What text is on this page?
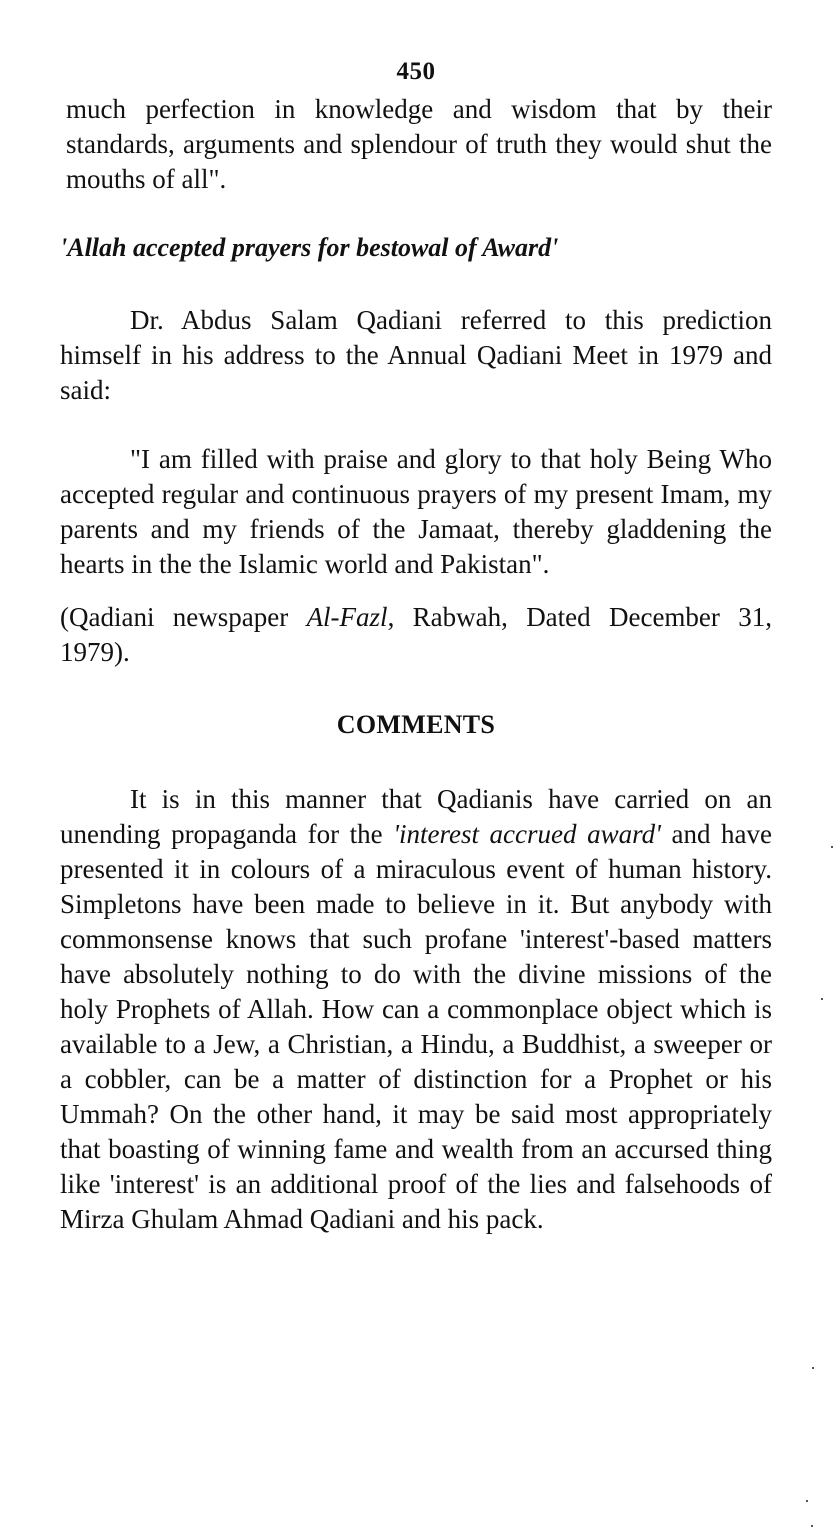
450

much perfection in knowledge and wisdom that by their standards, arguments and splendour of truth they would shut the mouths of all".

'Allah accepted prayers for bestowal of Award'

Dr. Abdus Salam Qadiani referred to this prediction himself in his address to the Annual Qadiani Meet in 1979 and said:

"I am filled with praise and glory to that holy Being Who accepted regular and continuous prayers of my present Imam, my parents and my friends of the Jamaat, thereby gladdening the hearts in the the Islamic world and Pakistan".

(Qadiani newspaper Al-Fazl, Rabwah, Dated December 31, 1979).

COMMENTS

It is in this manner that Qadianis have carried on an unending propaganda for the 'interest accrued award' and have presented it in colours of a miraculous event of human history. Simpletons have been made to believe in it. But anybody with commonsense knows that such profane 'interest'-based matters have absolutely nothing to do with the divine missions of the holy Prophets of Allah. How can a commonplace object which is available to a Jew, a Christian, a Hindu, a Buddhist, a sweeper or a cobbler, can be a matter of distinction for a Prophet or his Ummah? On the other hand, it may be said most appropriately that boasting of winning fame and wealth from an accursed thing like 'interest' is an additional proof of the lies and falsehoods of Mirza Ghulam Ahmad Qadiani and his pack.
